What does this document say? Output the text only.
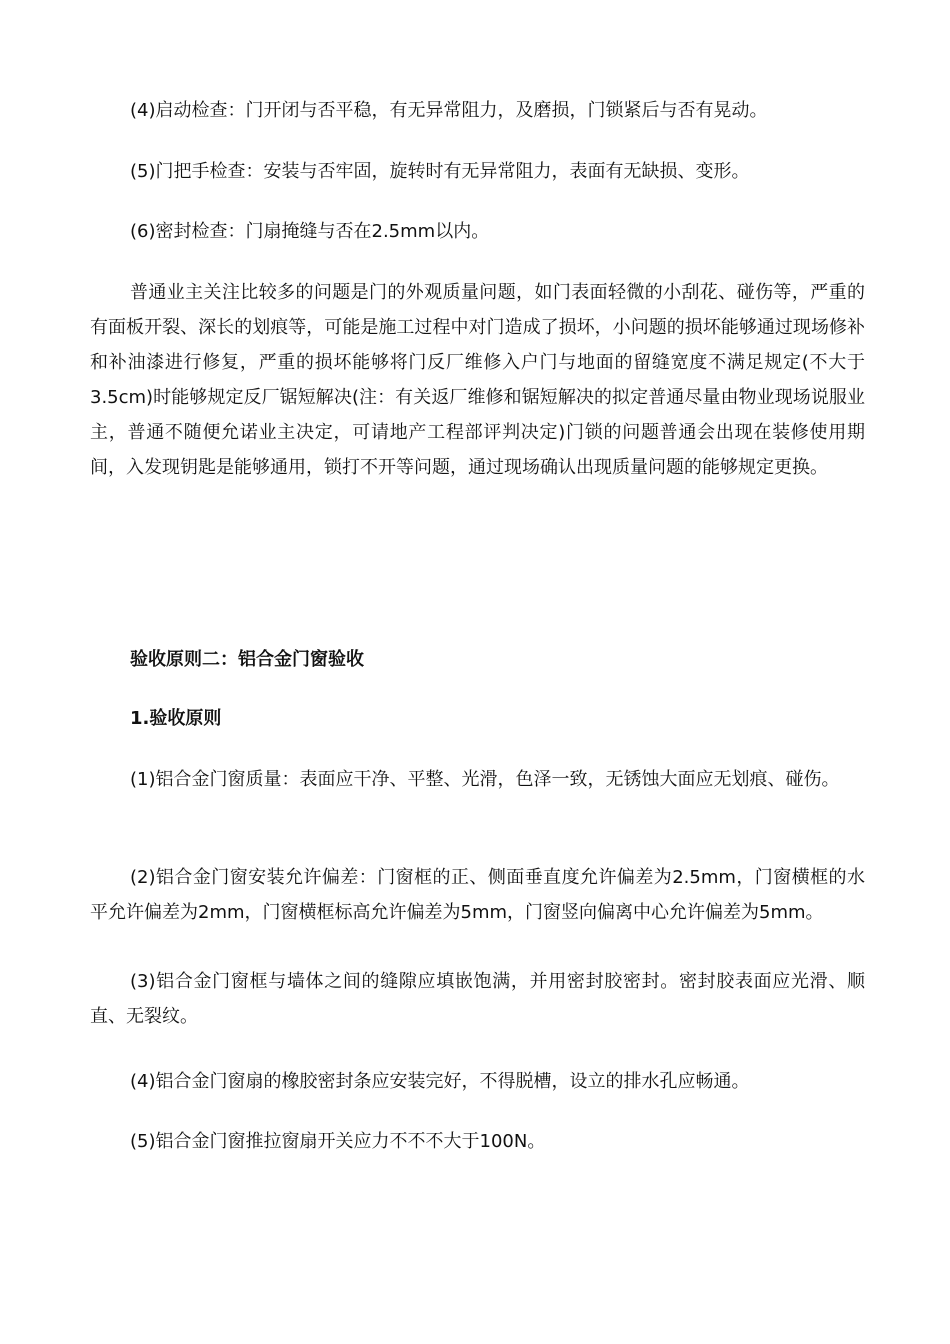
(4)启动检查：门开闭与否平稳，有无异常阻力，及磨损，门锁紧后与否有晃动。

(5)门把手检查：安装与否牢固，旋转时有无异常阻力，表面有无缺损、变形。

(6)密封检查：门扇掩缝与否在2.5mm以内。

普通业主关注比较多的问题是门的外观质量问题，如门表面轻微的小刮花、碰伤等，严重的有面板开裂、深长的划痕等，可能是施工过程中对门造成了损坏，小问题的损坏能够通过现场修补和补油漆进行修复，严重的损坏能够将门反厂维修入户门与地面的留缝宽度不满足规定(不大于3.5cm)时能够规定反厂锯短解决(注：有关返厂维修和锯短解决的拟定普通尽量由物业现场说服业主，普通不随便允诺业主决定，可请地产工程部评判决定)门锁的问题普通会出现在装修使用期间，入发现钥匙是能够通用，锁打不开等问题，通过现场确认出现质量问题的能够规定更换。

验收原则二：铝合金门窗验收
1.验收原则

(1)铝合金门窗质量：表面应干净、平整、光滑，色泽一致，无锈蚀大面应无划痕、碰伤。

(2)铝合金门窗安装允许偏差：门窗框的正、侧面垂直度允许偏差为2.5mm，门窗横框的水平允许偏差为2mm，门窗横框标高允许偏差为5mm，门窗竖向偏离中心允许偏差为5mm。

(3)铝合金门窗框与墙体之间的缝隙应填嵌饱满，并用密封胶密封。密封胶表面应光滑、顺直、无裂纹。

(4)铝合金门窗扇的橡胶密封条应安装完好，不得脱槽，设立的排水孔应畅通。

(5)铝合金门窗推拉窗扇开关应力不不不大于100N。
